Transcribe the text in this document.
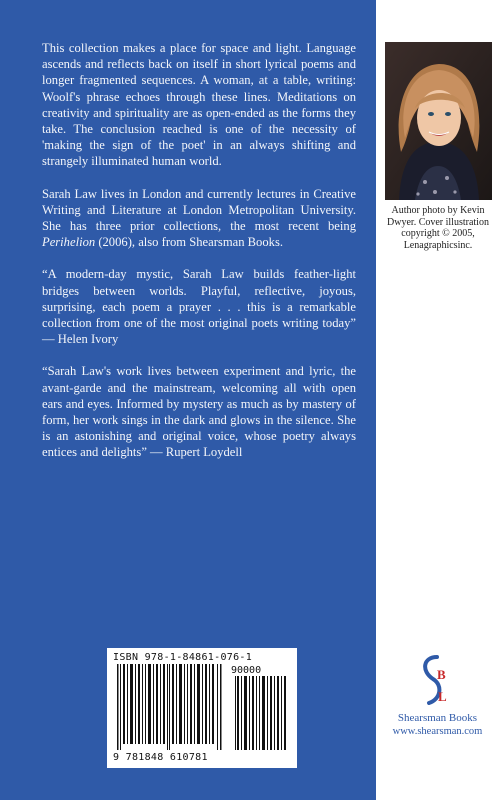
This collection makes a place for space and light. Language ascends and reflects back on itself in short lyrical poems and longer fragmented sequences. A woman, at a table, writing: Woolf's phrase echoes through these lines. Meditations on creativity and spirituality are as open-ended as the forms they take. The conclusion reached is one of the necessity of 'making the sign of the poet' in an always shifting and strangely illuminated human world.

Sarah Law lives in London and currently lectures in Creative Writing and Literature at London Metropolitan University. She has three prior collections, the most recent being Perihelion (2006), also from Shearsman Books.

“A modern-day mystic, Sarah Law builds feather-light bridges between worlds. Playful, reflective, joyous, surprising, each poem a prayer . . . this is a remarkable collection from one of the most original poets writing today” — Helen Ivory

“Sarah Law's work lives between experiment and lyric, the avant-garde and the mainstream, welcoming all with open ears and eyes. Informed by mystery as much as by mastery of form, her work sings in the dark and glows in the silence. She is an astonishing and original voice, whose poetry always entices and delights” — Rupert Loydell

ISBN 978-1-84861-076-1
90000
9 781848 610781
Author photo by Kevin Dwyer. Cover illustration copyright © 2005, Lenagraphicsinc.
B
L
Shearsman Books
www.shearsman.com
